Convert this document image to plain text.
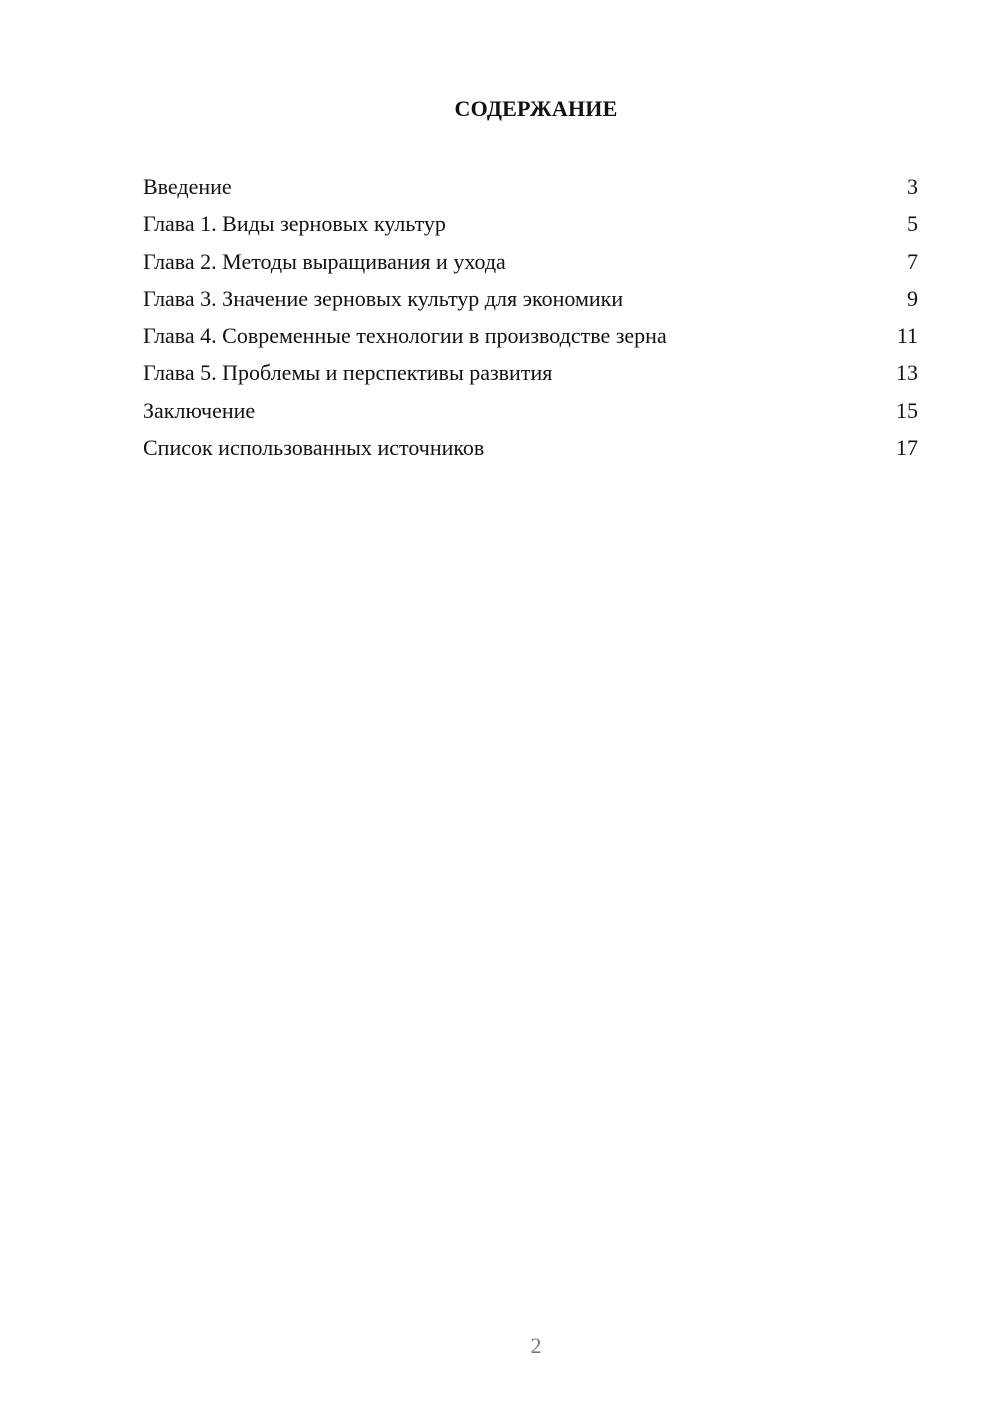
СОДЕРЖАНИЕ
Введение	3
Глава 1. Виды зерновых культур	5
Глава 2. Методы выращивания и ухода	7
Глава 3. Значение зерновых культур для экономики	9
Глава 4. Современные технологии в производстве зерна	11
Глава 5. Проблемы и перспективы развития	13
Заключение	15
Список использованных источников	17
2
